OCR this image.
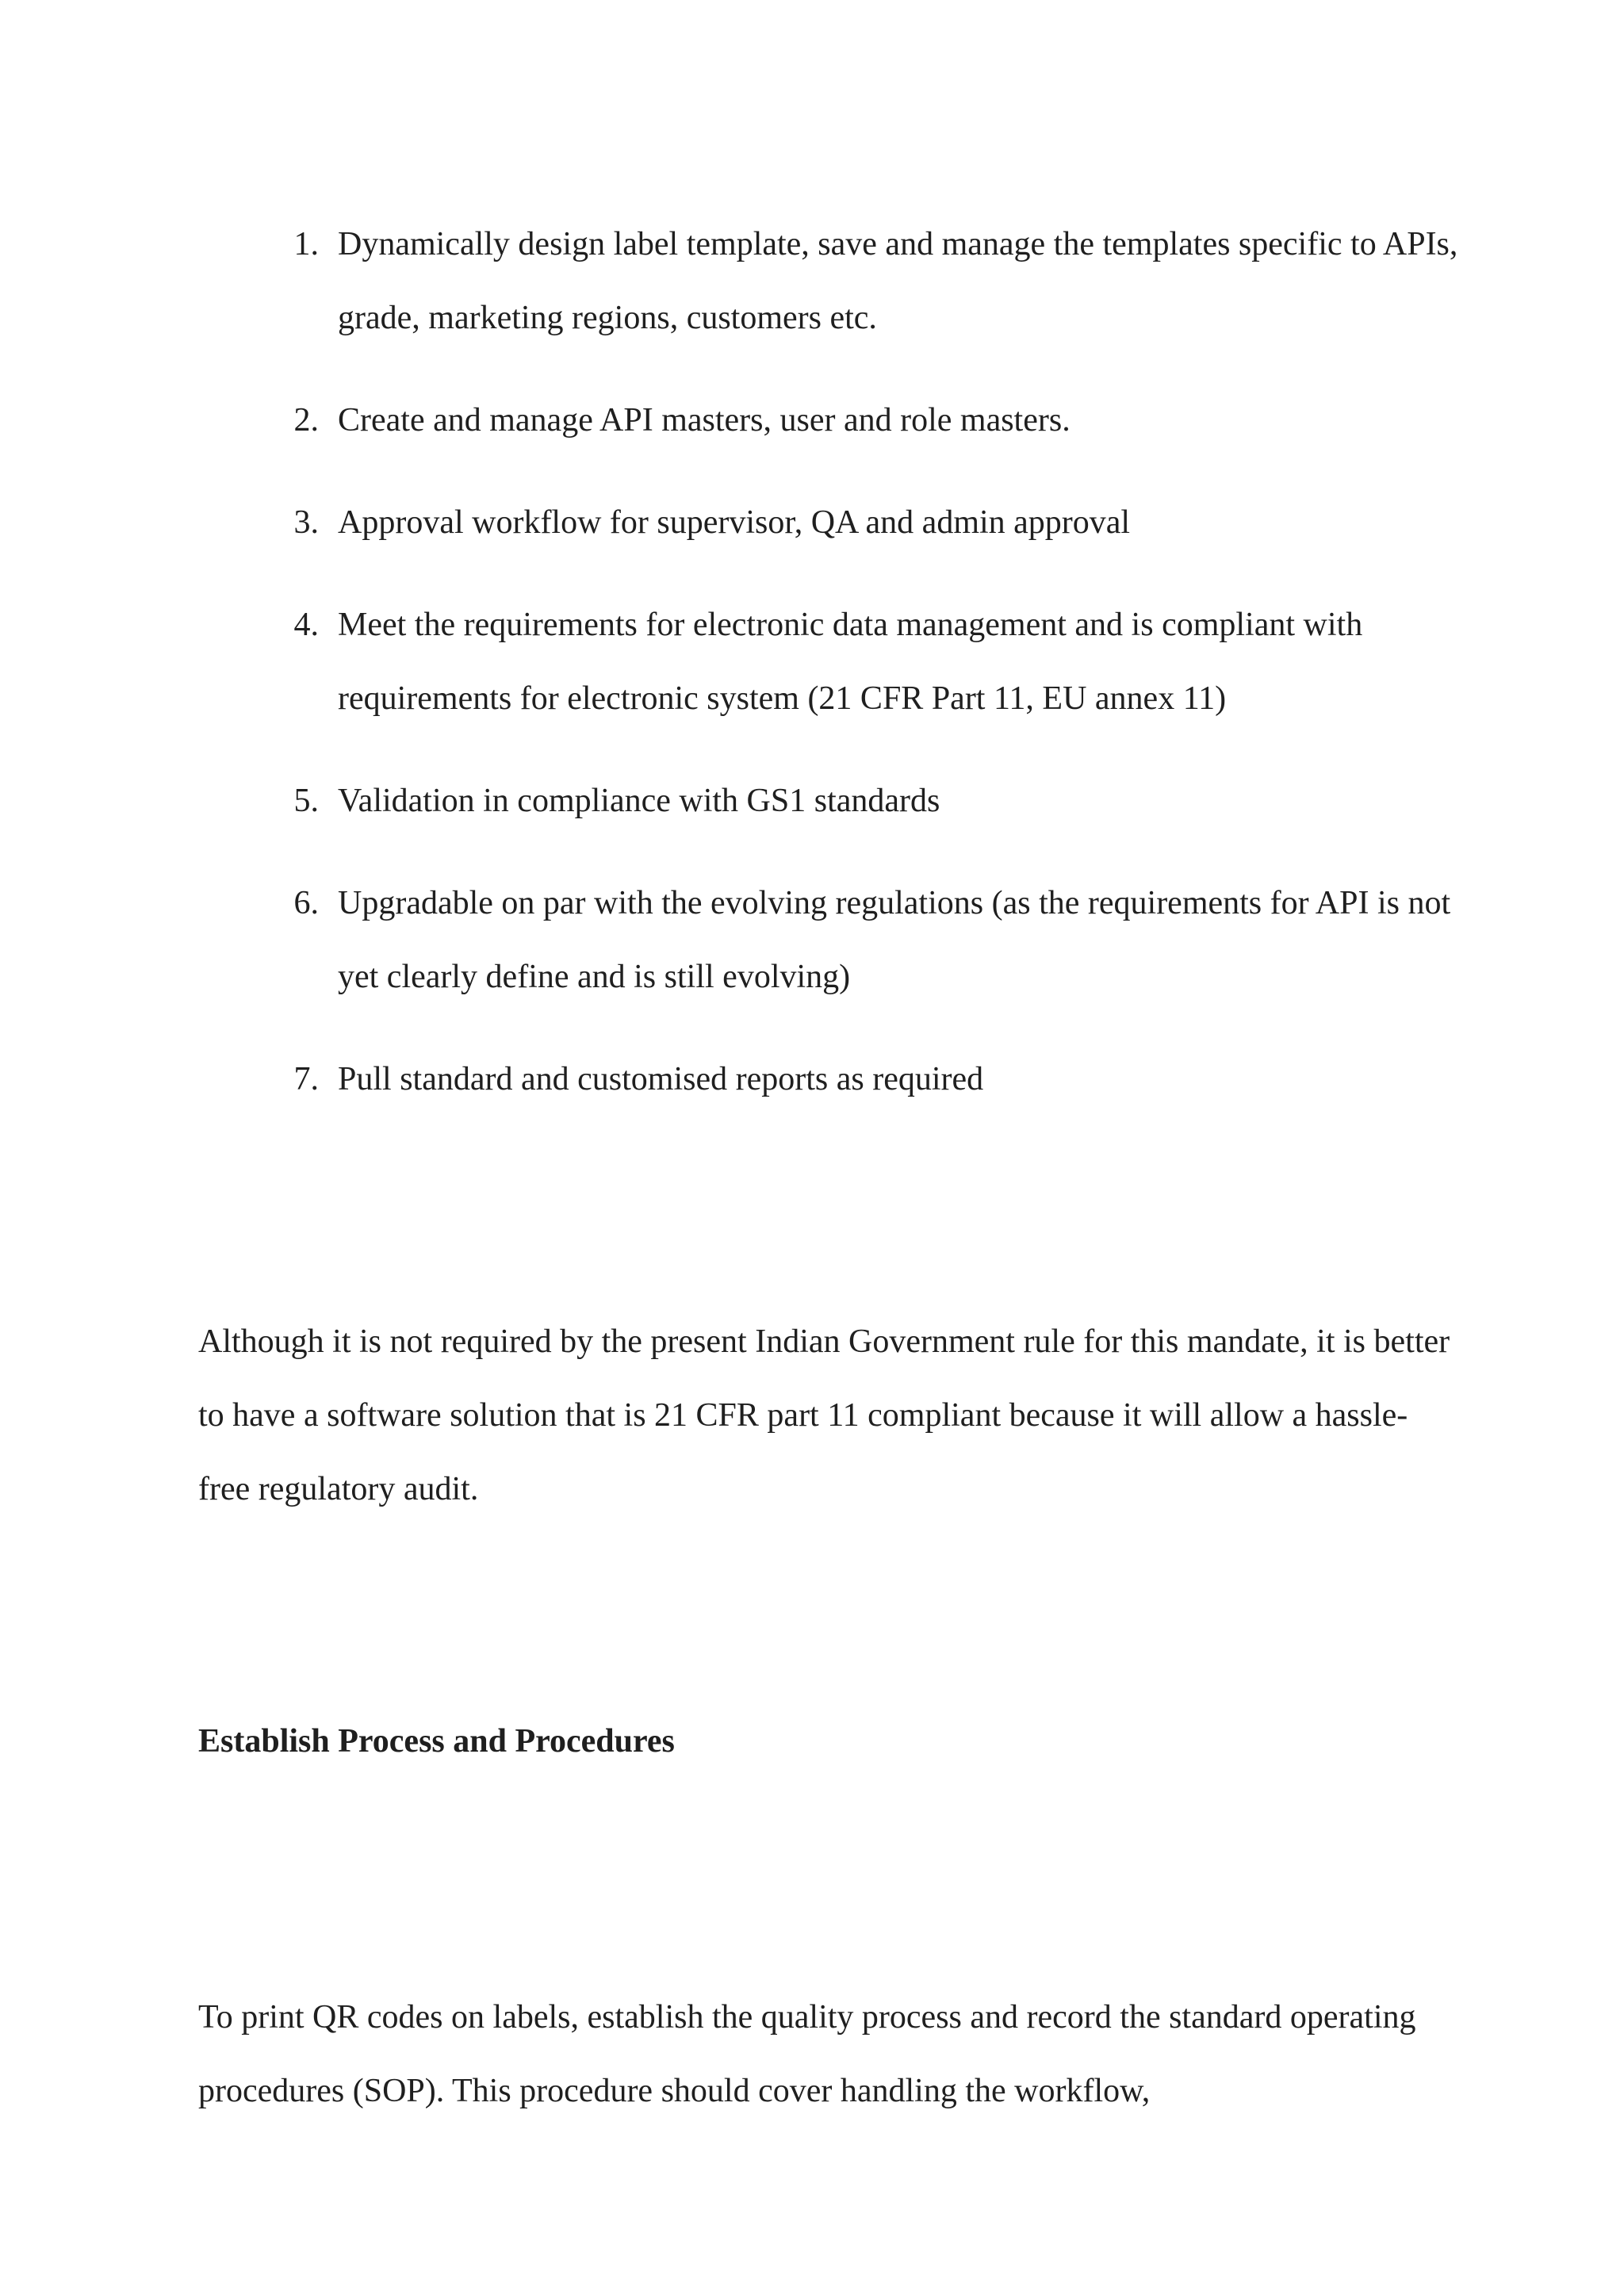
1. Dynamically design label template, save and manage the templates specific to APIs, grade, marketing regions, customers etc.
2. Create and manage API masters, user and role masters.
3. Approval workflow for supervisor, QA and admin approval
4. Meet the requirements for electronic data management and is compliant with requirements for electronic system (21 CFR Part 11, EU annex 11)
5. Validation in compliance with GS1 standards
6. Upgradable on par with the evolving regulations (as the requirements for API is not yet clearly define and is still evolving)
7. Pull standard and customised reports as required

Although it is not required by the present Indian Government rule for this mandate, it is better to have a software solution that is 21 CFR part 11 compliant because it will allow a hassle-free regulatory audit.

Establish Process and Procedures

To print QR codes on labels, establish the quality process and record the standard operating procedures (SOP). This procedure should cover handling the workflow,
